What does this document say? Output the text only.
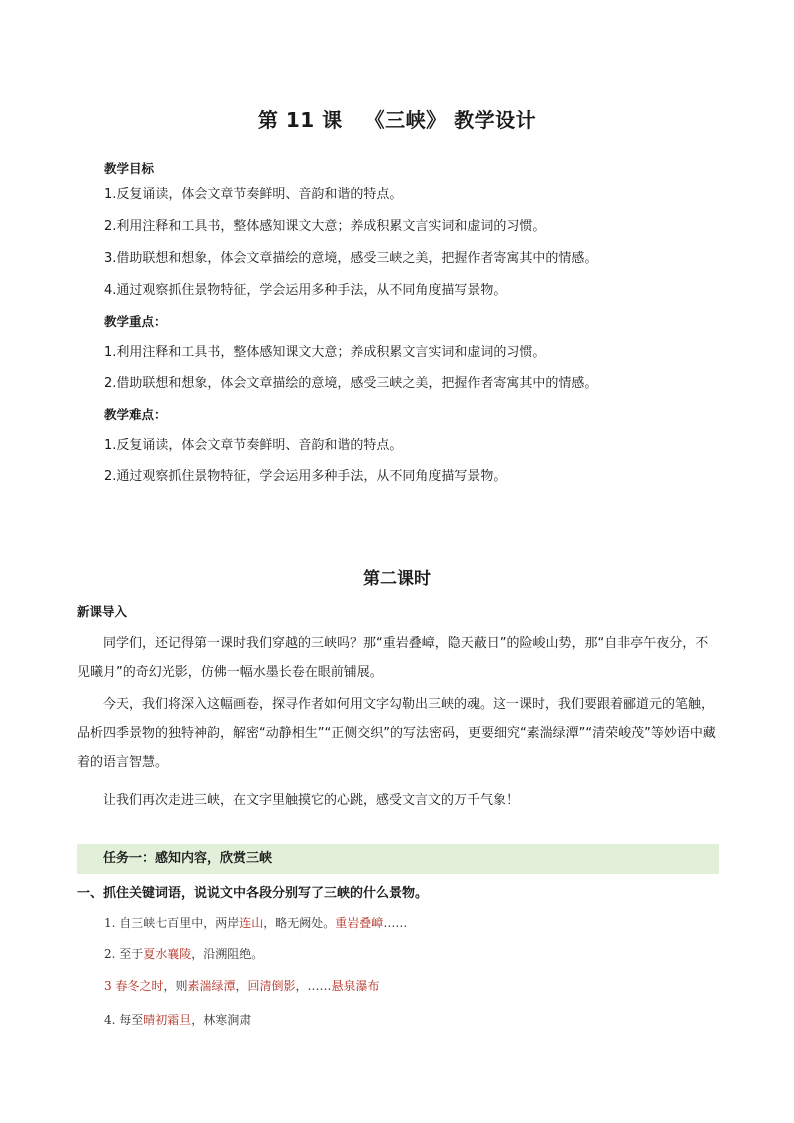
第 11 课 《三峡》 教学设计
教学目标
1.反复诵读，体会文章节奏鲜明、音韵和谐的特点。
2.利用注释和工具书，整体感知课文大意；养成积累文言实词和虚词的习惯。
3.借助联想和想象，体会文章描绘的意境，感受三峡之美，把握作者寄寓其中的情感。
4.通过观察抓住景物特征，学会运用多种手法，从不同角度描写景物。
教学重点：
1.利用注释和工具书，整体感知课文大意；养成积累文言实词和虚词的习惯。
2.借助联想和想象，体会文章描绘的意境，感受三峡之美，把握作者寄寓其中的情感。
教学难点：
1.反复诵读，体会文章节奏鲜明、音韵和谐的特点。
2.通过观察抓住景物特征，学会运用多种手法，从不同角度描写景物。
第二课时
新课导入
同学们，还记得第一课时我们穿越的三峡吗？那“重岩叠嶂，隐天蔽日”的险峻山势，那“自非亭午夜分，不见曦月”的奇幻光影，仿佛一幅水墨长卷在眼前铺展。
今天，我们将深入这幅画卷，探寻作者如何用文字勾勒出三峡的魂。这一课时，我们要跟着郦道元的笔触，品析四季景物的独特神韵，解密“动静相生”“正侧交织”的写法密码，更要细究“素湍绿潭”“清荣峻茂”等妙语中藏着的语言智慧。
让我们再次走进三峡，在文字里触摸它的心跳，感受文言文的万千气象！
任务一：感知内容，欣赏三峡
一、抓住关键词语，说说文中各段分别写了三峡的什么景物。
1. 自三峡七百里中，两岸连山，略无阙处。重岩叠嶂……
2. 至于夏水襄陵，沿溯阻绝。
3 春冬之时，则素湍绿潭，回清倒影，……悬泉瀑布
4. 每至晴初霜旦，林寒涧肃
